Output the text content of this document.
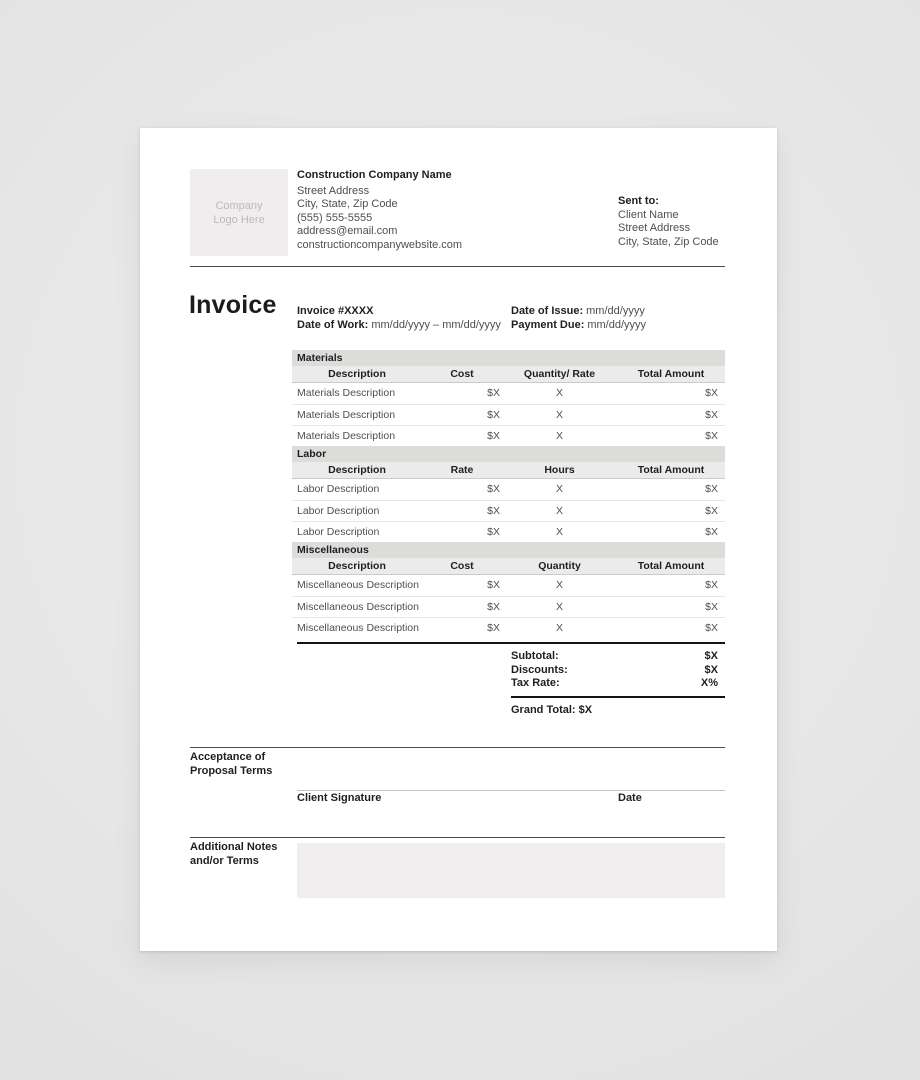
Company
Logo Here
Construction Company Name
Street Address
City, State, Zip Code
(555) 555-5555
address@email.com
constructioncompanywebsite.com
Sent to:
Client Name
Street Address
City, State, Zip Code
Invoice Invoice #XXXX
Date of Work: mm/dd/yyyy – mm/dd/yyyy
Date of Issue: mm/dd/yyyy
Payment Due: mm/dd/yyyy
Materials
Description	Cost	Quantity/ Rate	Total Amount
Materials Description	$X	X	$X
Materials Description	$X	X	$X
Materials Description	$X	X	$X
Labor
Description	Rate	Hours	Total Amount
Labor Description	$X	X	$X
Labor Description	$X	X	$X
Labor Description	$X	X	$X
Miscellaneous
Description	Cost	Quantity	Total Amount
Miscellaneous Description	$X	X	$X
Miscellaneous Description	$X	X	$X
Miscellaneous Description	$X	X	$X
Subtotal:	$X
Discounts:	$X
Tax Rate:	X%
Grand Total: $X
Acceptance of
Proposal Terms
Client Signature	Date
Additional Notes
and/or Terms
